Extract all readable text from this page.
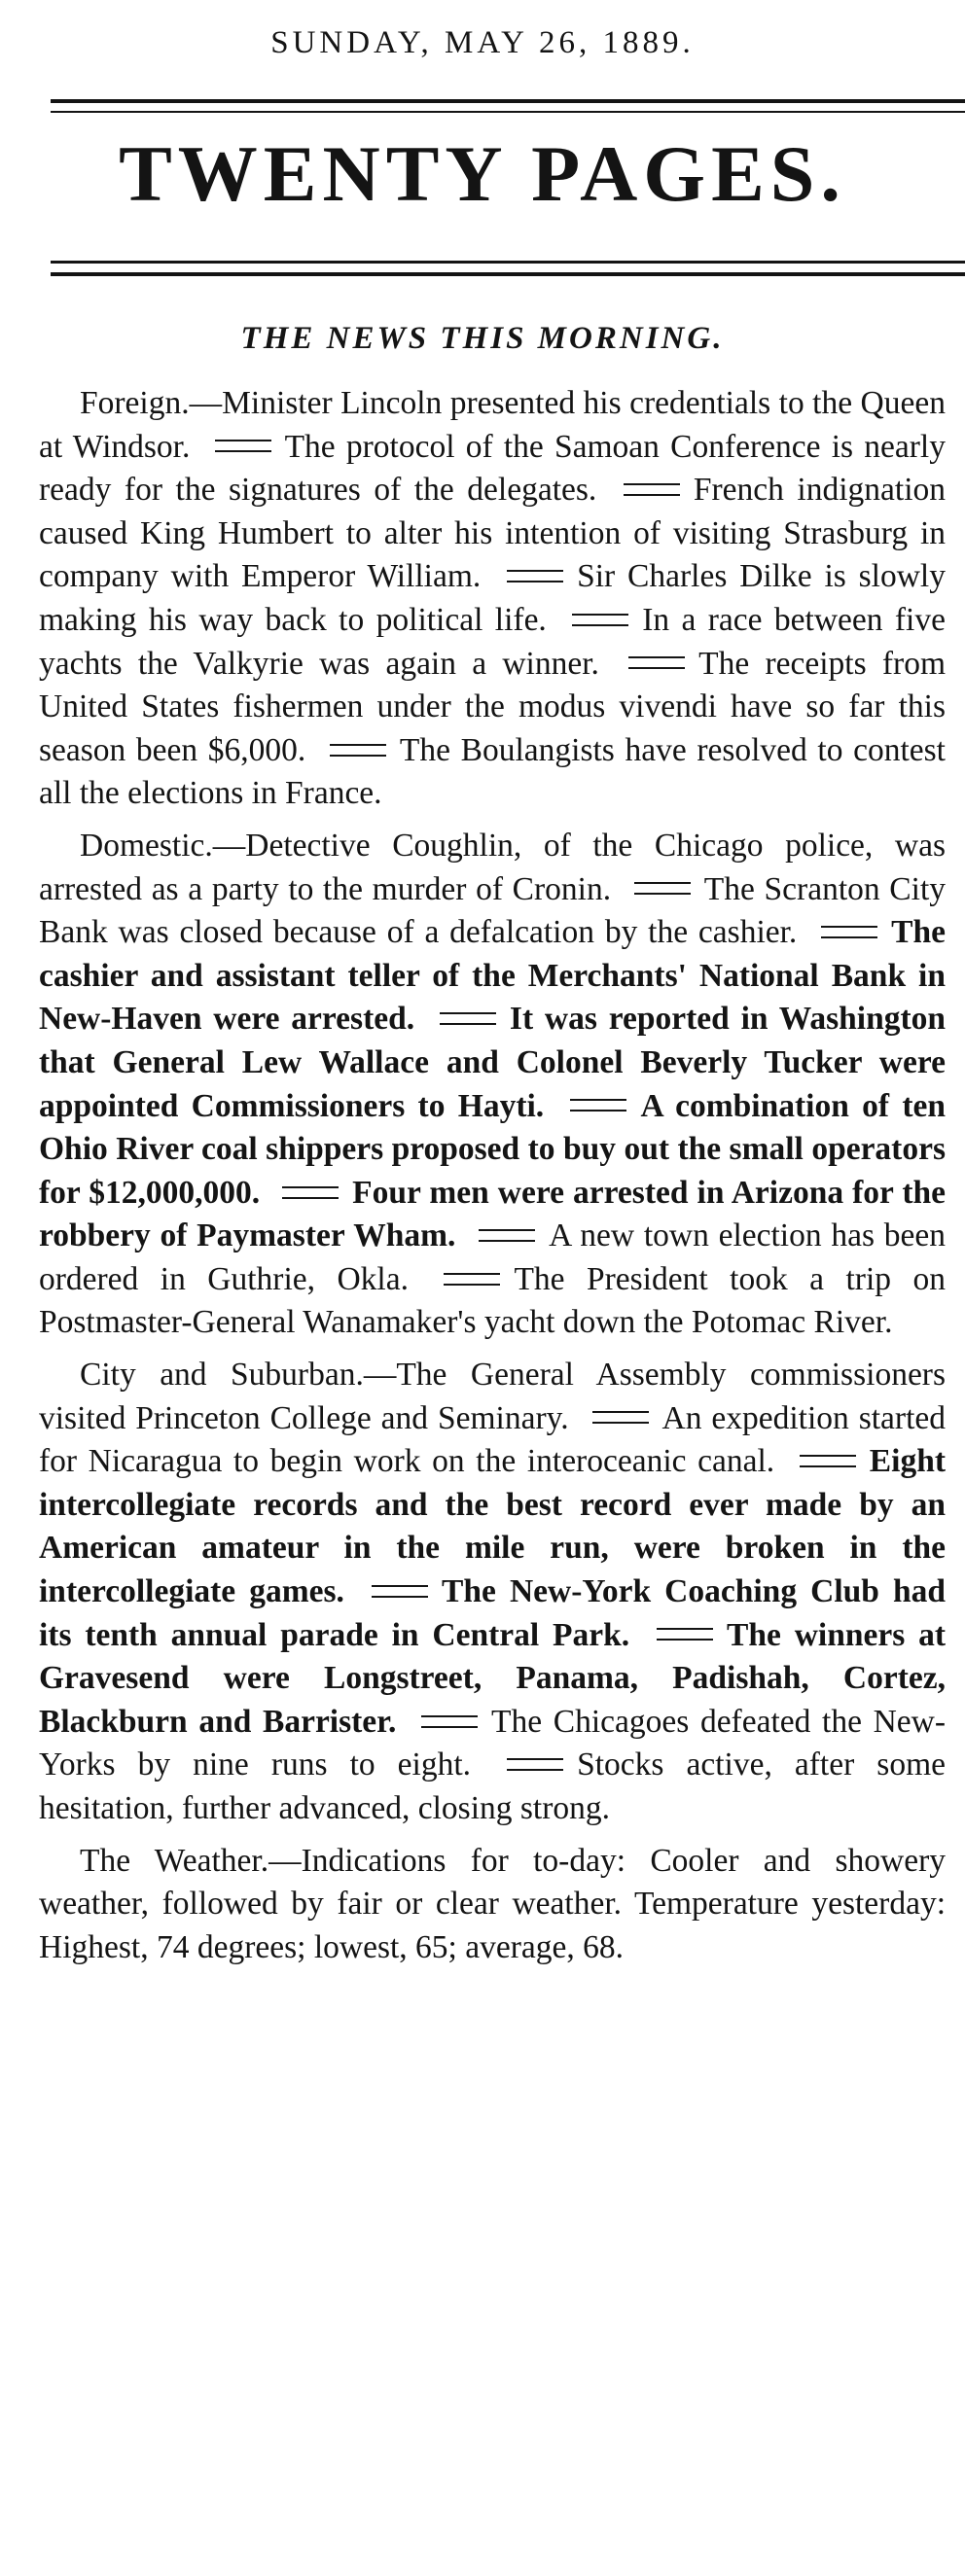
SUNDAY, MAY 26, 1889.
TWENTY PAGES.
THE NEWS THIS MORNING.

Foreign.—Minister Lincoln presented his credentials to the Queen at Windsor.	The protocol of the Samoan Conference is nearly ready for the signatures of the delegates.	French indignation caused King Humbert to alter his intention of visiting Strasburg in company with Emperor William.	Sir Charles Dilke is slowly making his way back to political life.	In a race between five yachts the Valkyrie was again a winner.	The receipts from United States fishermen under the modus vivendi have so far this season been $6,000.	The Boulangists have resolved to contest all the elections in France.

Domestic.—Detective Coughlin, of the Chicago police, was arrested as a party to the murder of Cronin.	The Scranton City Bank was closed because of a defalcation by the cashier.	The cashier and assistant teller of the Merchants' National Bank in New-Haven were arrested.	It was reported in Washington that General Lew Wallace and Colonel Beverly Tucker were appointed Commissioners to Hayti.	A combination of ten Ohio River coal shippers proposed to buy out the small operators for $12,000,000.	Four men were arrested in Arizona for the robbery of Paymaster Wham.	A new town election has been ordered in Guthrie, Okla.	The President took a trip on Postmaster-General Wanamaker's yacht down the Potomac River.

City and Suburban.—The General Assembly commissioners visited Princeton College and Seminary.	An expedition started for Nicaragua to begin work on the interoceanic canal.	Eight intercollegiate records and the best record ever made by an American amateur in the mile run, were broken in the intercollegiate games.	The New-York Coaching Club had its tenth annual parade in Central Park.	The winners at Gravesend were Longstreet, Panama, Padishah, Cortez, Blackburn and Barrister.	The Chicagoes defeated the New-Yorks by nine runs to eight.	Stocks active, after some hesitation, further advanced, closing strong.

The Weather.—Indications for to-day: Cooler and showery weather, followed by fair or clear weather. Temperature yesterday: Highest, 74 degrees; lowest, 65; average, 68.
